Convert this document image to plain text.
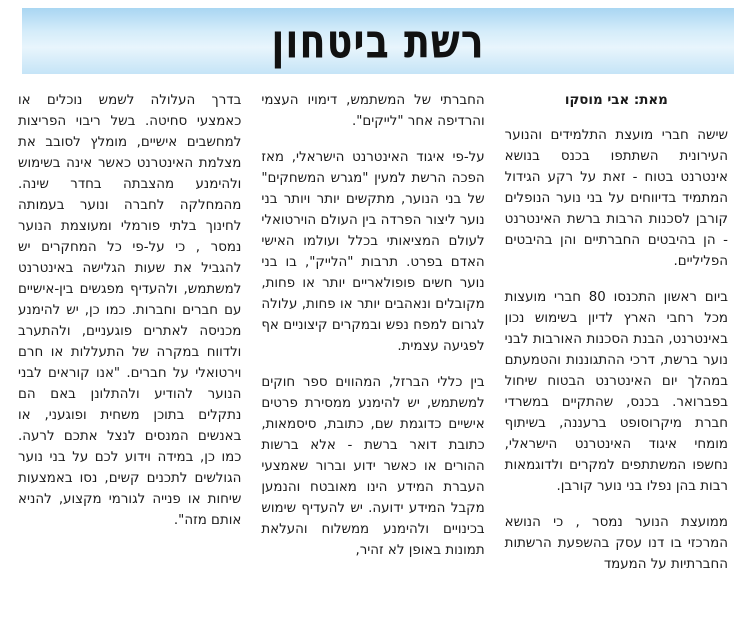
רשת ביטחון
מאת: אבי מוסקו

שישה חברי מועצת התלמידים והנוער העירונית השתתפו בכנס בנושא אינטרנט בטוח - זאת על רקע הגידול המתמיד בדיווחים על בני נוער הנופלים קורבן לסכנות הרבות ברשת האינטרנט - הן בהיבטים החברתיים והן בהיבטים הפליליים.

ביום ראשון התכנסו 80 חברי מועצות מכל רחבי הארץ לדיון בשימוש נכון באינטרנט, הבנת הסכנות האורבות לבני נוער ברשת, דרכי ההתגוננות והטמעתם במהלך יום האינטרנט הבטוח שיחול בפברואר. בכנס, שהתקיים במשרדי חברת מיקרוסופט ברעננה, בשיתוף מומחי איגוד האינטרנט הישראלי, נחשפו המשתתפים למקרים ולדוגמאות רבות בהן נפלו בני נוער קורבן.

ממועצת הנוער נמסר , כי הנושא המרכזי בו דנו עסק בהשפעת הרשתות החברתיות על המעמד

החברתי של המשתמש, דימויו העצמי והרדיפה אחר "לייקים".

על-פי איגוד האינטרנט הישראלי, מאז הפכה הרשת למעין "מגרש המשחקים" של בני הנוער, מתקשים יותר ויותר בני נוער ליצור הפרדה בין העולם הוירטואלי לעולם המציאותי בכלל ועולמו האישי האדם בפרט. תרבות "הלייק", בו בני נוער חשים פופולאריים יותר או פחות, מקובלים ונאהבים יותר או פחות, עלולה לגרום למפח נפש ובמקרים קיצוניים אף לפגיעה עצמית.

בין כללי הברזל, המהווים ספר חוקים למשתמש, יש להימנע ממסירת פרטים אישיים כדוגמת שם, כתובת, סיסמאות, כתובת דואר ברשת - אלא ברשות ההורים או כאשר ידוע וברור שאמצעי העברת המידע הינו מאובטח והנמען מקבל המידע ידועה. יש להעדיף שימוש בכינויים ולהימנע ממשלוח והעלאת תמונות באופן לא זהיר,

בדרך העלולה לשמש נוכלים או כאמצעי סחיטה. בשל ריבוי הפריצות למחשבים אישיים, מומלץ לסובב את מצלמת האינטרנט כאשר אינה בשימוש ולהימנע מהצבתה בחדר שינה. מהמחלקה לחברה ונוער בעמותה לחינוך בלתי פורמלי ומעוצמת הנוער נמסר , כי על-פי כל המחקרים יש להגביל את שעות הגלישה באינטרנט למשתמש, ולהעדיף מפגשים בין-אישיים עם חברים וחברות. כמו כן, יש להימנע מכניסה לאתרים פוגעניים, ולהתערב ולדווח במקרה של התעללות או חרם וירטואלי על חברים. "אנו קוראים לבני הנוער להודיע ולהתלונן באם הם נתקלים בתוכן משחית ופוגעני, או באנשים המנסים לנצל אתכם לרעה. כמו כן, במידה וידוע לכם על בני נוער הגולשים לתכנים קשים, נסו באמצעות שיחות או פנייה לגורמי מקצוע, להניא אותם מזה".
